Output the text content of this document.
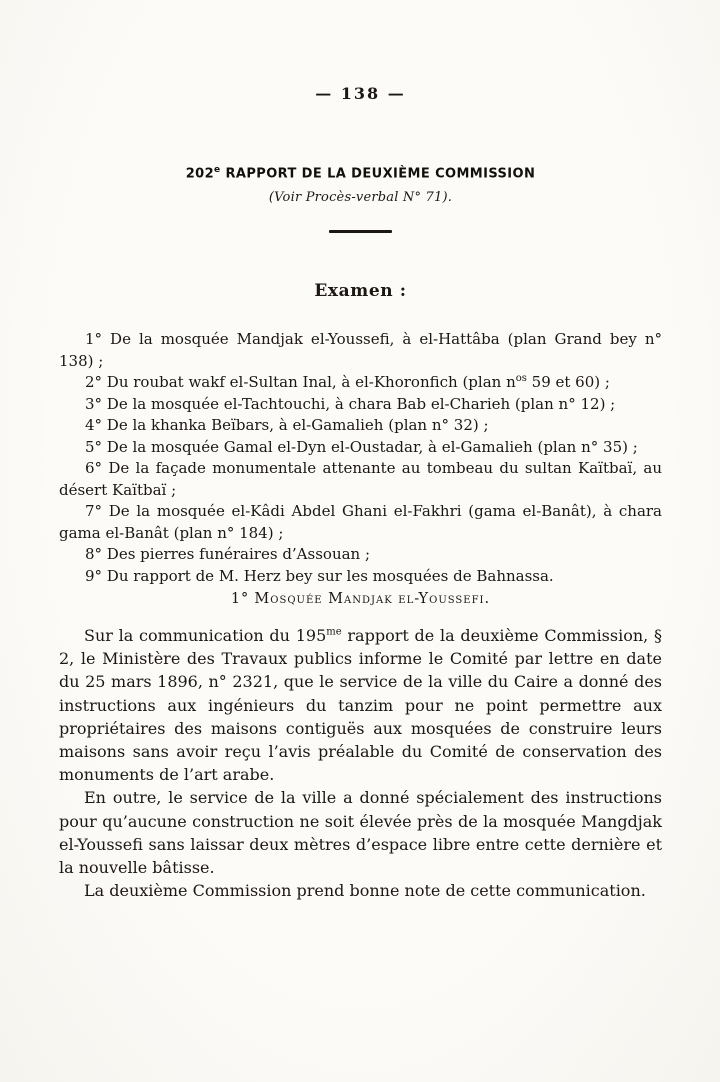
— 138 —
202e RAPPORT DE LA DEUXIÈME COMMISSION
(Voir Procès-verbal N° 71).
Examen :

1° De la mosquée Mandjak el-Youssefi, à el-Hattâba (plan Grand bey n° 138) ;

2° Du roubat wakf el-Sultan Inal, à el-Khoronfich (plan $n^{os}$ 59 et 60) ;

3° De la mosquée el-Tachtouchi, à chara Bab el-Charieh (plan n° 12) ;

4° De la khanka Beïbars, à el-Gamalieh (plan n° 32) ;

5° De la mosquée Gamal el-Dyn el-Oustadar, à el-Gamalieh (plan n° 35) ;

6° De la façade monumentale attenante au tombeau du sultan Kaïtbaï, au désert Kaïtbaï ;

7° De la mosquée el-Kâdi Abdel Ghani el-Fakhri (gama el-Banât), à chara gama el-Banât (plan n° 184) ;

8° Des pierres funéraires d’Assouan ;

9° Du rapport de M. Herz bey sur les mosquées de Bahnassa.

1° Mosquée Mandjak el-Youssefi.

Sur la communication du $195^{me}$ rapport de la deuxième Commission, § 2, le Ministère des Travaux publics informe le Comité par lettre en date du 25 mars 1896, n° 2321, que le service de la ville du Caire a donné des instructions aux ingénieurs du tanzim pour ne point permettre aux propriétaires des maisons contiguës aux mosquées de construire leurs maisons sans avoir reçu l’avis préalable du Comité de conservation des monuments de l’art arabe.

En outre, le service de la ville a donné spécialement des instructions pour qu’aucune construction ne soit élevée près de la mosquée Mangdjak el-Youssefi sans laissar deux mètres d’espace libre entre cette dernière et la nouvelle bâtisse.

La deuxième Commission prend bonne note de cette communication.
